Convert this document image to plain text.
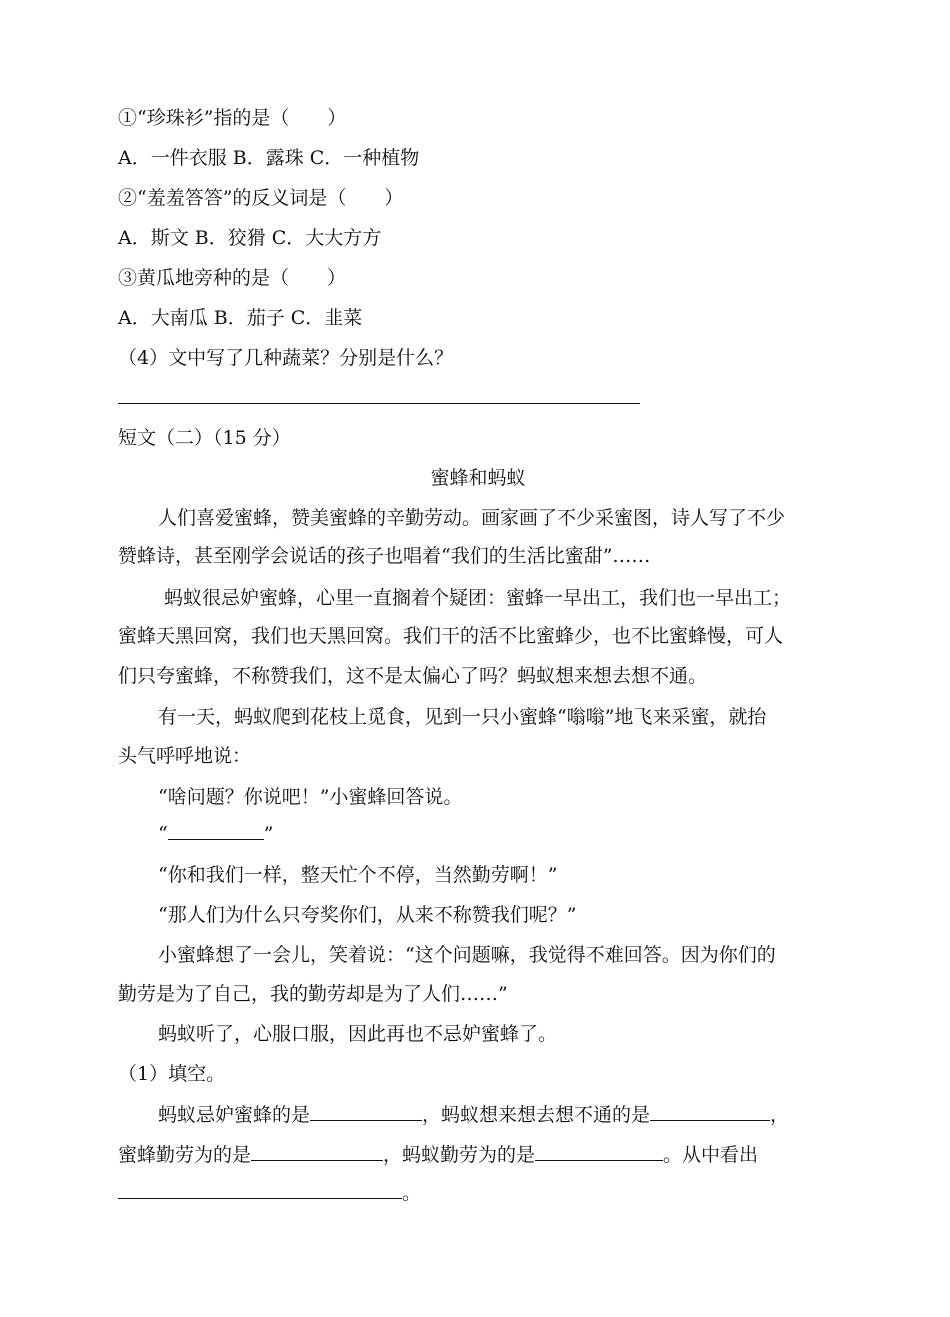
①“珍珠衫”指的是（　　）
A．一件衣服 B．露珠 C．一种植物
②“羞羞答答”的反义词是（　　）
A．斯文 B．狡猾 C．大大方方
③黄瓜地旁种的是（　　）
A．大南瓜 B．茄子 C．韭菜
（4）文中写了几种蔬菜？分别是什么？
短文（二）（15 分）
蜜蜂和蚂蚁
人们喜爱蜜蜂，赞美蜜蜂的辛勤劳动。画家画了不少采蜜图，诗人写了不少
赞蜂诗，甚至刚学会说话的孩子也唱着“我们的生活比蜜甜”……
蚂蚁很忌妒蜜蜂，心里一直搁着个疑团：蜜蜂一早出工，我们也一早出工；
蜜蜂天黑回窝，我们也天黑回窝。我们干的活不比蜜蜂少，也不比蜜蜂慢，可人
们只夸蜜蜂，不称赞我们，这不是太偏心了吗？蚂蚁想来想去想不通。
有一天，蚂蚁爬到花枝上觅食，见到一只小蜜蜂“嗡嗡”地飞来采蜜，就抬
头气呼呼地说：
“啥问题？你说吧！”小蜜蜂回答说。
“	”
“你和我们一样，整天忙个不停，当然勤劳啊！”
“那人们为什么只夸奖你们，从来不称赞我们呢？”
小蜜蜂想了一会儿，笑着说：“这个问题嘛，我觉得不难回答。因为你们的
勤劳是为了自己，我的勤劳却是为了人们……”
蚂蚁听了，心服口服，因此再也不忌妒蜜蜂了。
（1）填空。
蚂蚁忌妒蜜蜂的是	，蚂蚁想来想去想不通的是	，
蜜蜂勤劳为的是	，蚂蚁勤劳为的是	。从中看出
。
